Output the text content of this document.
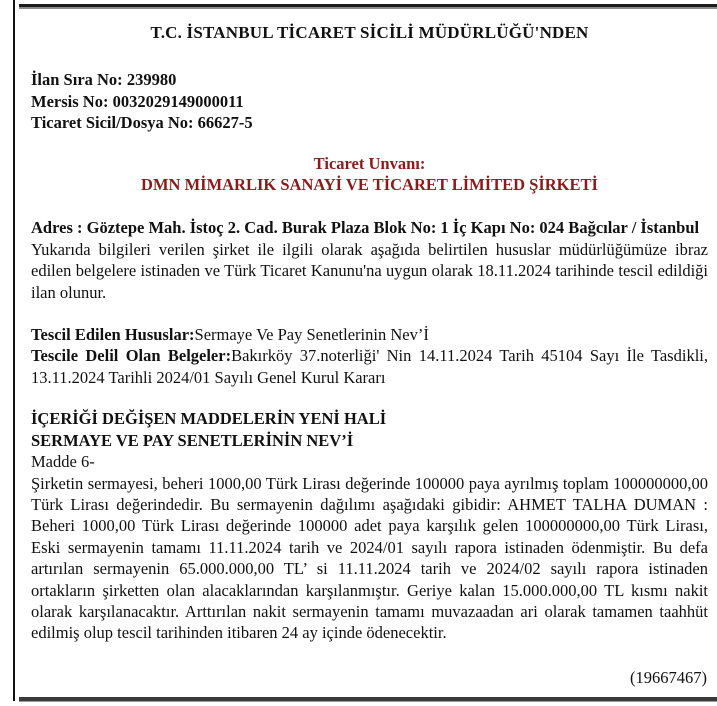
T.C. İSTANBUL TİCARET SİCİLİ MÜDÜRLÜĞÜ'NDEN
İlan Sıra No: 239980
Mersis No: 0032029149000011
Ticaret Sicil/Dosya No: 66627-5
Ticaret Unvanı:
DMN MİMARLIK SANAYİ VE TİCARET LİMİTED ŞİRKETİ
Adres : Göztepe Mah. İstoç 2. Cad. Burak Plaza Blok No: 1 İç Kapı No: 024 Bağcılar / İstanbul
Yukarıda bilgileri verilen şirket ile ilgili olarak aşağıda belirtilen hususlar müdürlüğümüze ibraz edilen belgelere istinaden ve Türk Ticaret Kanunu'na uygun olarak 18.11.2024 tarihinde tescil edildiği ilan olunur.
Tescil Edilen Hususlar:Sermaye Ve Pay Senetlerinin Nev’İ
Tescile Delil Olan Belgeler:Bakırköy 37.noterliği' Nin 14.11.2024 Tarih 45104 Sayı İle Tasdikli, 13.11.2024 Tarihli 2024/01 Sayılı Genel Kurul Kararı
İÇERİĞİ DEĞİŞEN MADDELERİN YENİ HALİ
SERMAYE VE PAY SENETLERİNİN NEV’İ
Madde 6-
Şirketin sermayesi, beheri 1000,00 Türk Lirası değerinde 100000 paya ayrılmış toplam 100000000,00 Türk Lirası değerindedir. Bu sermayenin dağılımı aşağıdaki gibidir: AHMET TALHA DUMAN : Beheri 1000,00 Türk Lirası değerinde 100000 adet paya karşılık gelen 100000000,00 Türk Lirası, Eski sermayenin tamamı 11.11.2024 tarih ve 2024/01 sayılı rapora istinaden ödenmiştir. Bu defa artırılan sermayenin 65.000.000,00 TL’ si 11.11.2024 tarih ve 2024/02 sayılı rapora istinaden ortakların şirketten olan alacaklarından karşılanmıştır. Geriye kalan 15.000.000,00 TL kısmı nakit olarak karşılanacaktır. Arttırılan nakit sermayenin tamamı muvazaadan ari olarak tamamen taahhüt edilmiş olup tescil tarihinden itibaren 24 ay içinde ödenecektir.
(19667467)
